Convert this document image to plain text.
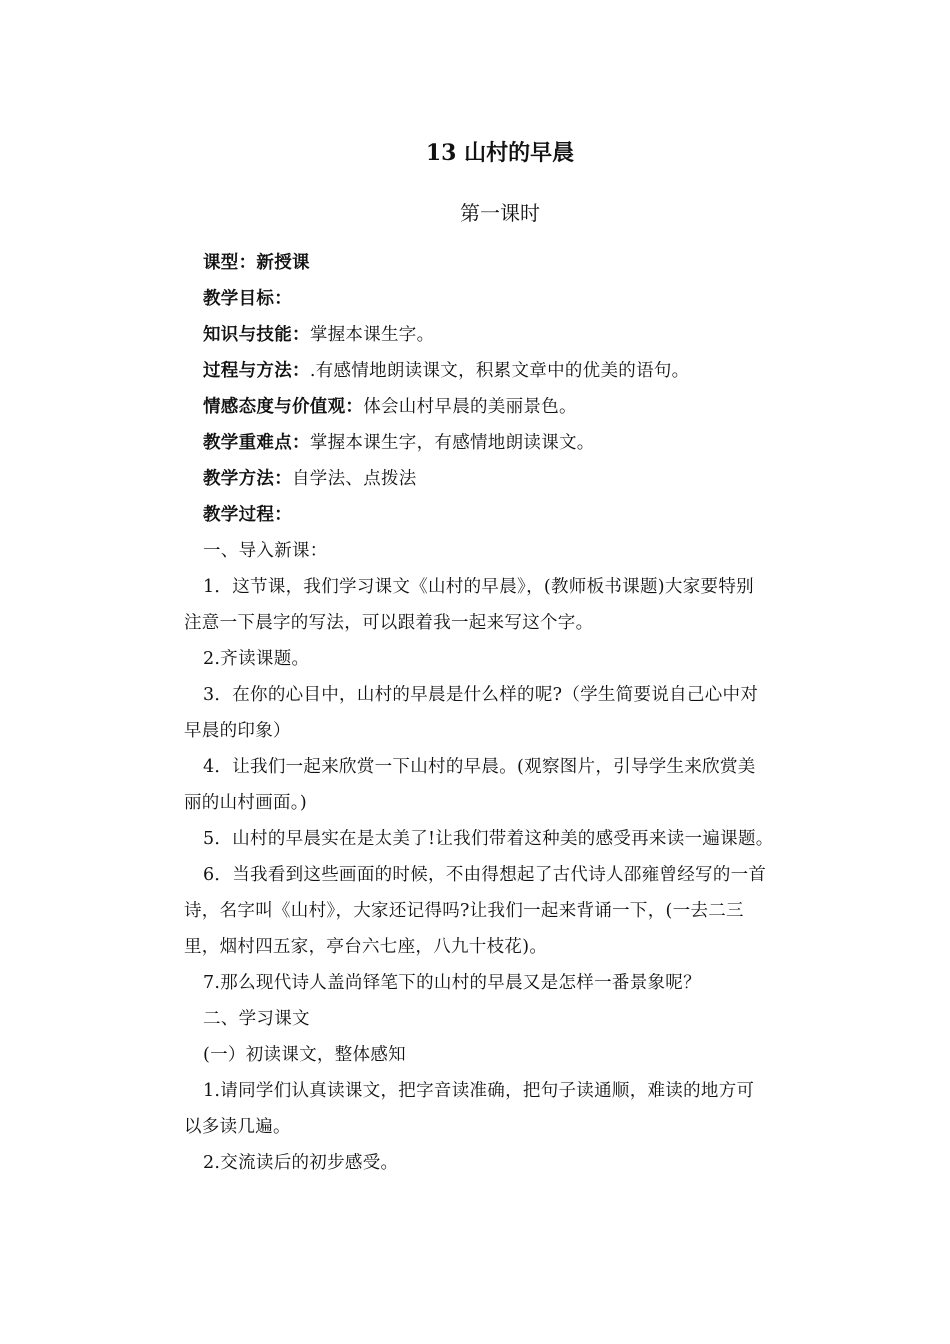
13 山村的早晨
第一课时
课型：新授课
教学目标：
知识与技能：掌握本课生字。
过程与方法：.有感情地朗读课文，积累文章中的优美的语句。
情感态度与价值观：体会山村早晨的美丽景色。
教学重难点：掌握本课生字，有感情地朗读课文。
教学方法：自学法、点拨法
教学过程：
一、导入新课：
1．这节课，我们学习课文《山村的早晨》，(教师板书课题)大家要特别
注意一下晨字的写法，可以跟着我一起来写这个字。
2.齐读课题。
3．在你的心目中，山村的早晨是什么样的呢?（学生简要说自己心中对
早晨的印象）
4．让我们一起来欣赏一下山村的早晨。(观察图片，引导学生来欣赏美
丽的山村画面。)
5．山村的早晨实在是太美了!让我们带着这种美的感受再来读一遍课题。
6．当我看到这些画面的时候，不由得想起了古代诗人邵雍曾经写的一首
诗，名字叫《山村》，大家还记得吗?让我们一起来背诵一下，(一去二三
里，烟村四五家，亭台六七座，八九十枝花)。
7.那么现代诗人盖尚铎笔下的山村的早晨又是怎样一番景象呢？
二、学习课文
(一）初读课文，整体感知
1.请同学们认真读课文，把字音读准确，把句子读通顺，难读的地方可
以多读几遍。
2.交流读后的初步感受。
